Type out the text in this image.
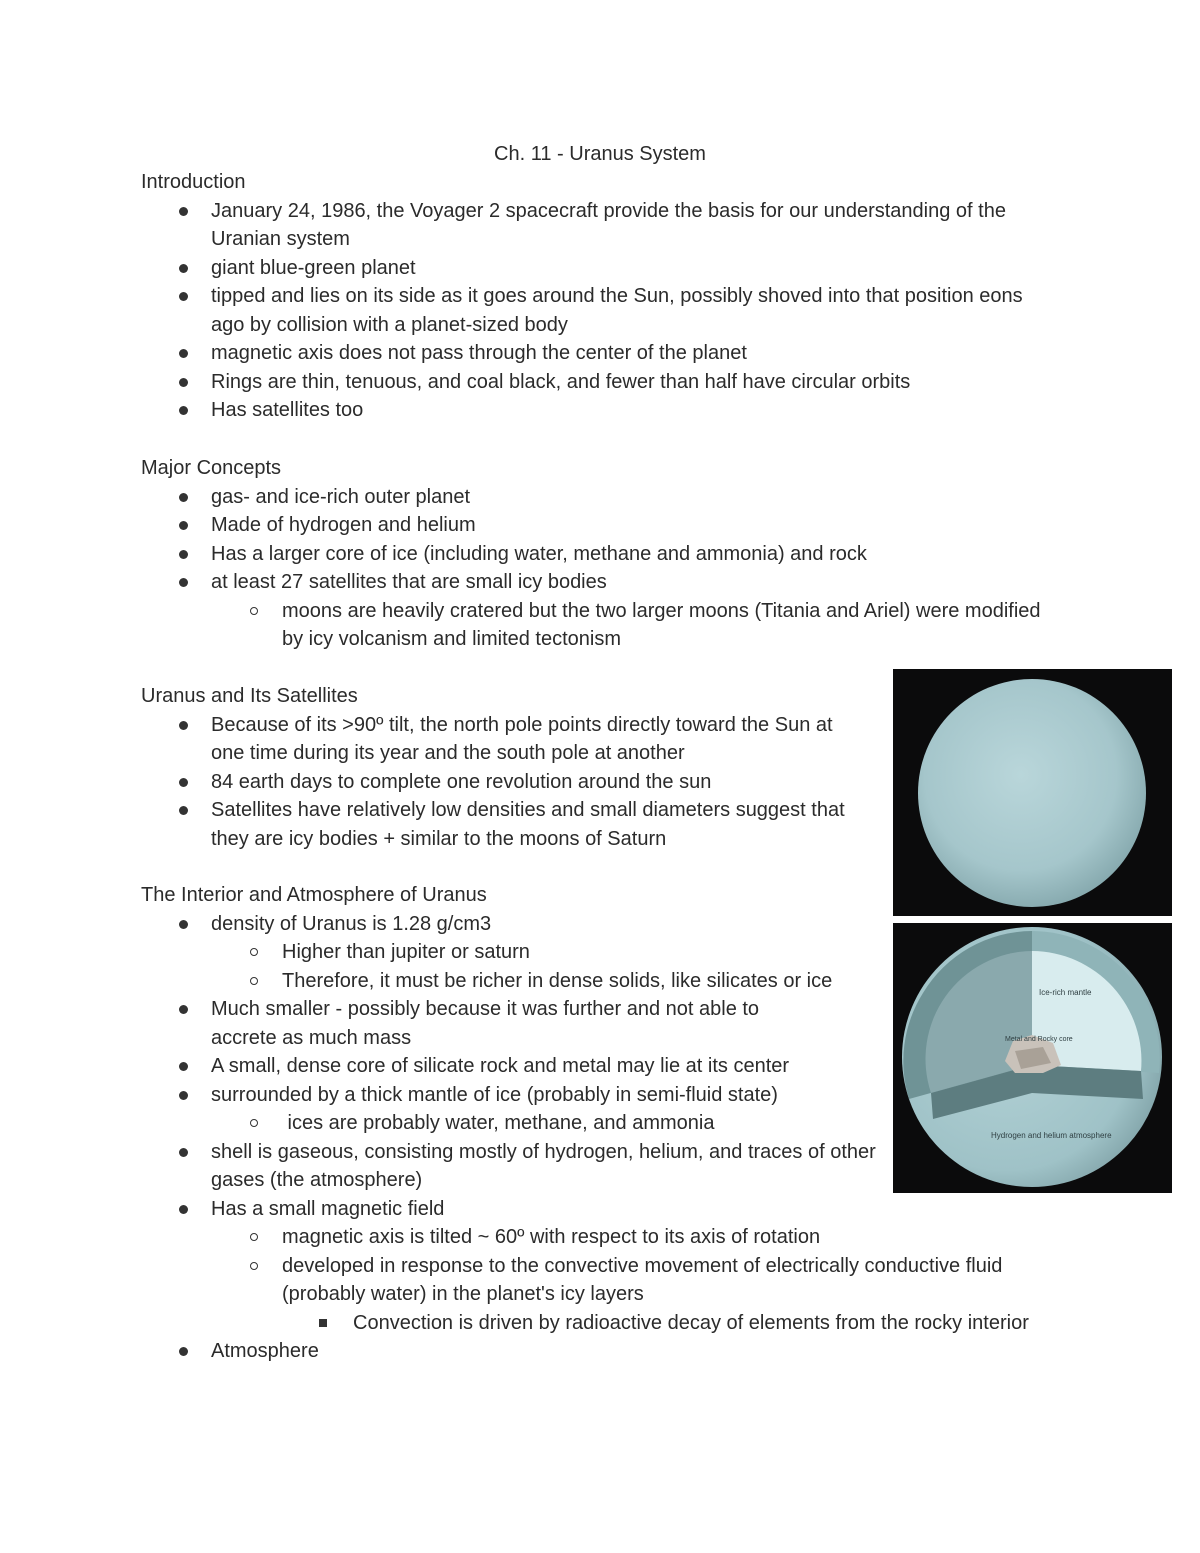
Ch. 11 - Uranus System
Introduction
January 24, 1986, the Voyager 2 spacecraft provide the basis for our understanding of the Uranian system
giant blue-green planet
tipped and lies on its side as it goes around the Sun, possibly shoved into that position eons ago by collision with a planet-sized body
magnetic axis does not pass through the center of the planet
Rings are thin, tenuous, and coal black, and fewer than half have circular orbits
Has satellites too
Major Concepts
gas- and ice-rich outer planet
Made of hydrogen and helium
Has a larger core of ice (including water, methane and ammonia) and rock
at least 27 satellites that are small icy bodies
moons are heavily cratered but the two larger moons (Titania and Ariel) were modified by icy volcanism and limited tectonism
Uranus and Its Satellites
Because of its >90º tilt, the north pole points directly toward the Sun at one time during its year and the south pole at another
84 earth days to complete one revolution around the sun
Satellites have relatively low densities and small diameters suggest that they are icy bodies + similar to the moons of Saturn
The Interior and Atmosphere of Uranus
density of Uranus is 1.28 g/cm3
Higher than jupiter or saturn
Therefore, it must be richer in dense solids, like silicates or ice
Much smaller - possibly because it was further and not able to accrete as much mass
A small, dense core of silicate rock and metal may lie at its center
surrounded by a thick mantle of ice (probably in semi-fluid state)
ices are probably water, methane, and ammonia
shell is gaseous, consisting mostly of hydrogen, helium, and traces of other gases (the atmosphere)
Has a small magnetic field
magnetic axis is tilted ~ 60º with respect to its axis of rotation
developed in response to the convective movement of electrically conductive fluid (probably water) in the planet's icy layers
Convection is driven by radioactive decay of elements from the rocky interior
Atmosphere
Ice-rich mantle
Metal and Rocky core
Hydrogen and helium atmosphere
